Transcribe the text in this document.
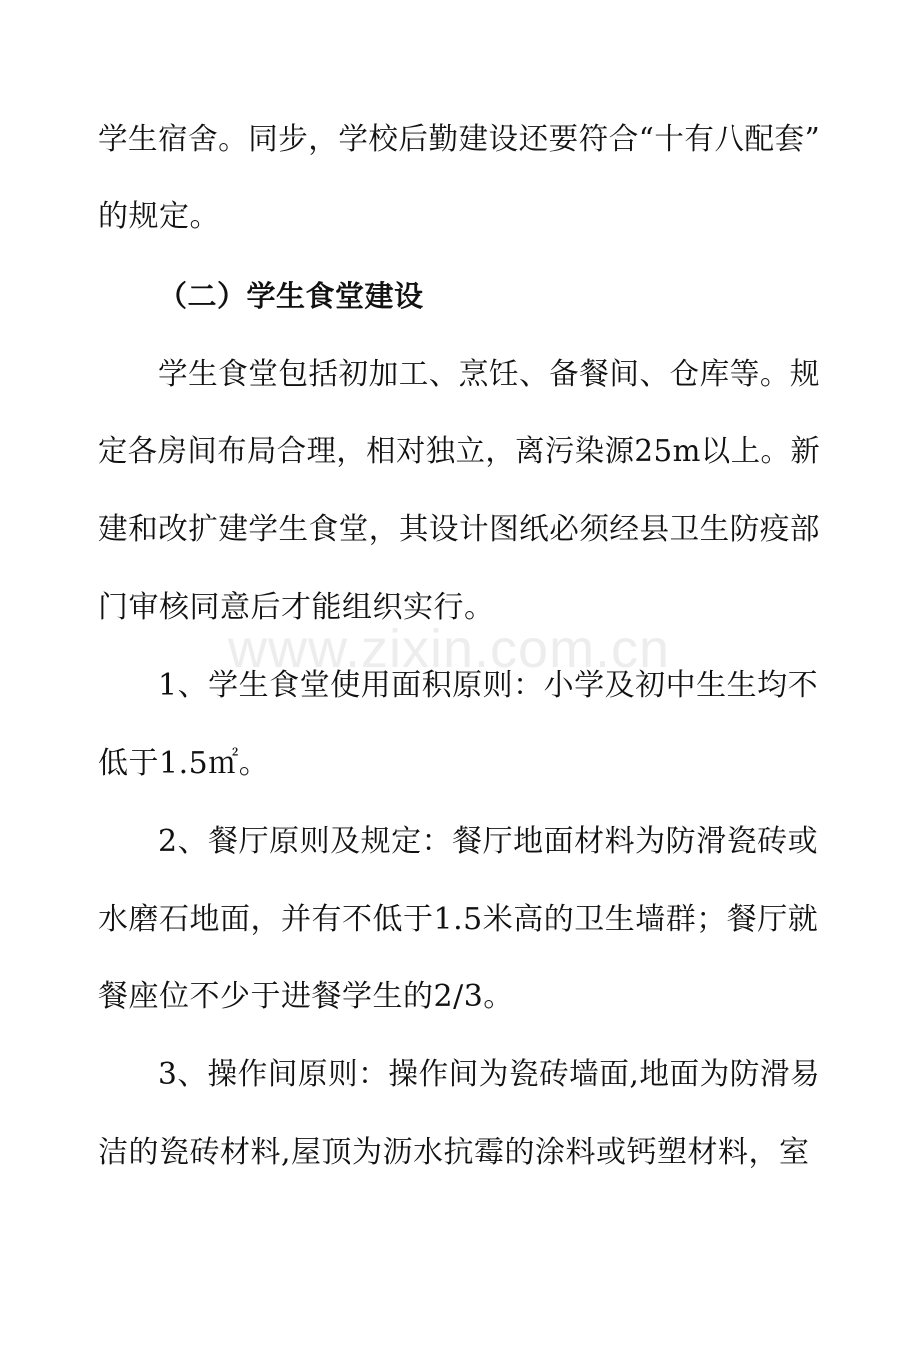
www.zixin.com.cn
学生宿舍。同步，学校后勤建设还要符合“十有八配套”
的规定。
（二）学生食堂建设
学生食堂包括初加工、烹饪、备餐间、仓库等。规
定各房间布局合理，相对独立，离污染源25m以上。新
建和改扩建学生食堂，其设计图纸必须经县卫生防疫部
门审核同意后才能组织实行。
1、学生食堂使用面积原则：小学及初中生生均不
低于1.5㎡。
2、餐厅原则及规定：餐厅地面材料为防滑瓷砖或
水磨石地面，并有不低于1.5米高的卫生墙群；餐厅就
餐座位不少于进餐学生的2/3。
3、操作间原则：操作间为瓷砖墙面,地面为防滑易
洁的瓷砖材料,屋顶为沥水抗霉的涂料或钙塑材料，室
